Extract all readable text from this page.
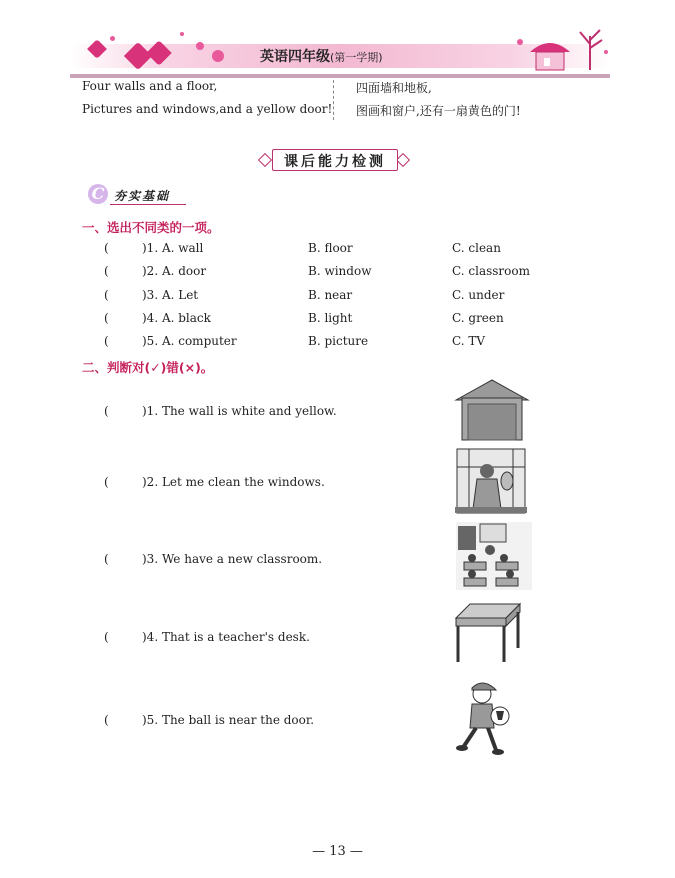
英语四年级(第一学期)
Four walls and a floor,
Pictures and windows,and a yellow door!
四面墙和地板,
图画和窗户,还有一扇黄色的门!
课后能力检测
C 夯实基础
一、选出不同类的一项。
(	)1. A. wall	B. floor	C. clean
(	)2. A. door	B. window	C. classroom
(	)3. A. Let	B. near	C. under
(	)4. A. black	B. light	C. green
(	)5. A. computer	B. picture	C. TV
二、判断对(✓)错(×)。
(	)1. The wall is white and yellow.
(	)2. Let me clean the windows.
(	)3. We have a new classroom.
(	)4. That is a teacher's desk.
(	)5. The ball is near the door.
— 13 —
